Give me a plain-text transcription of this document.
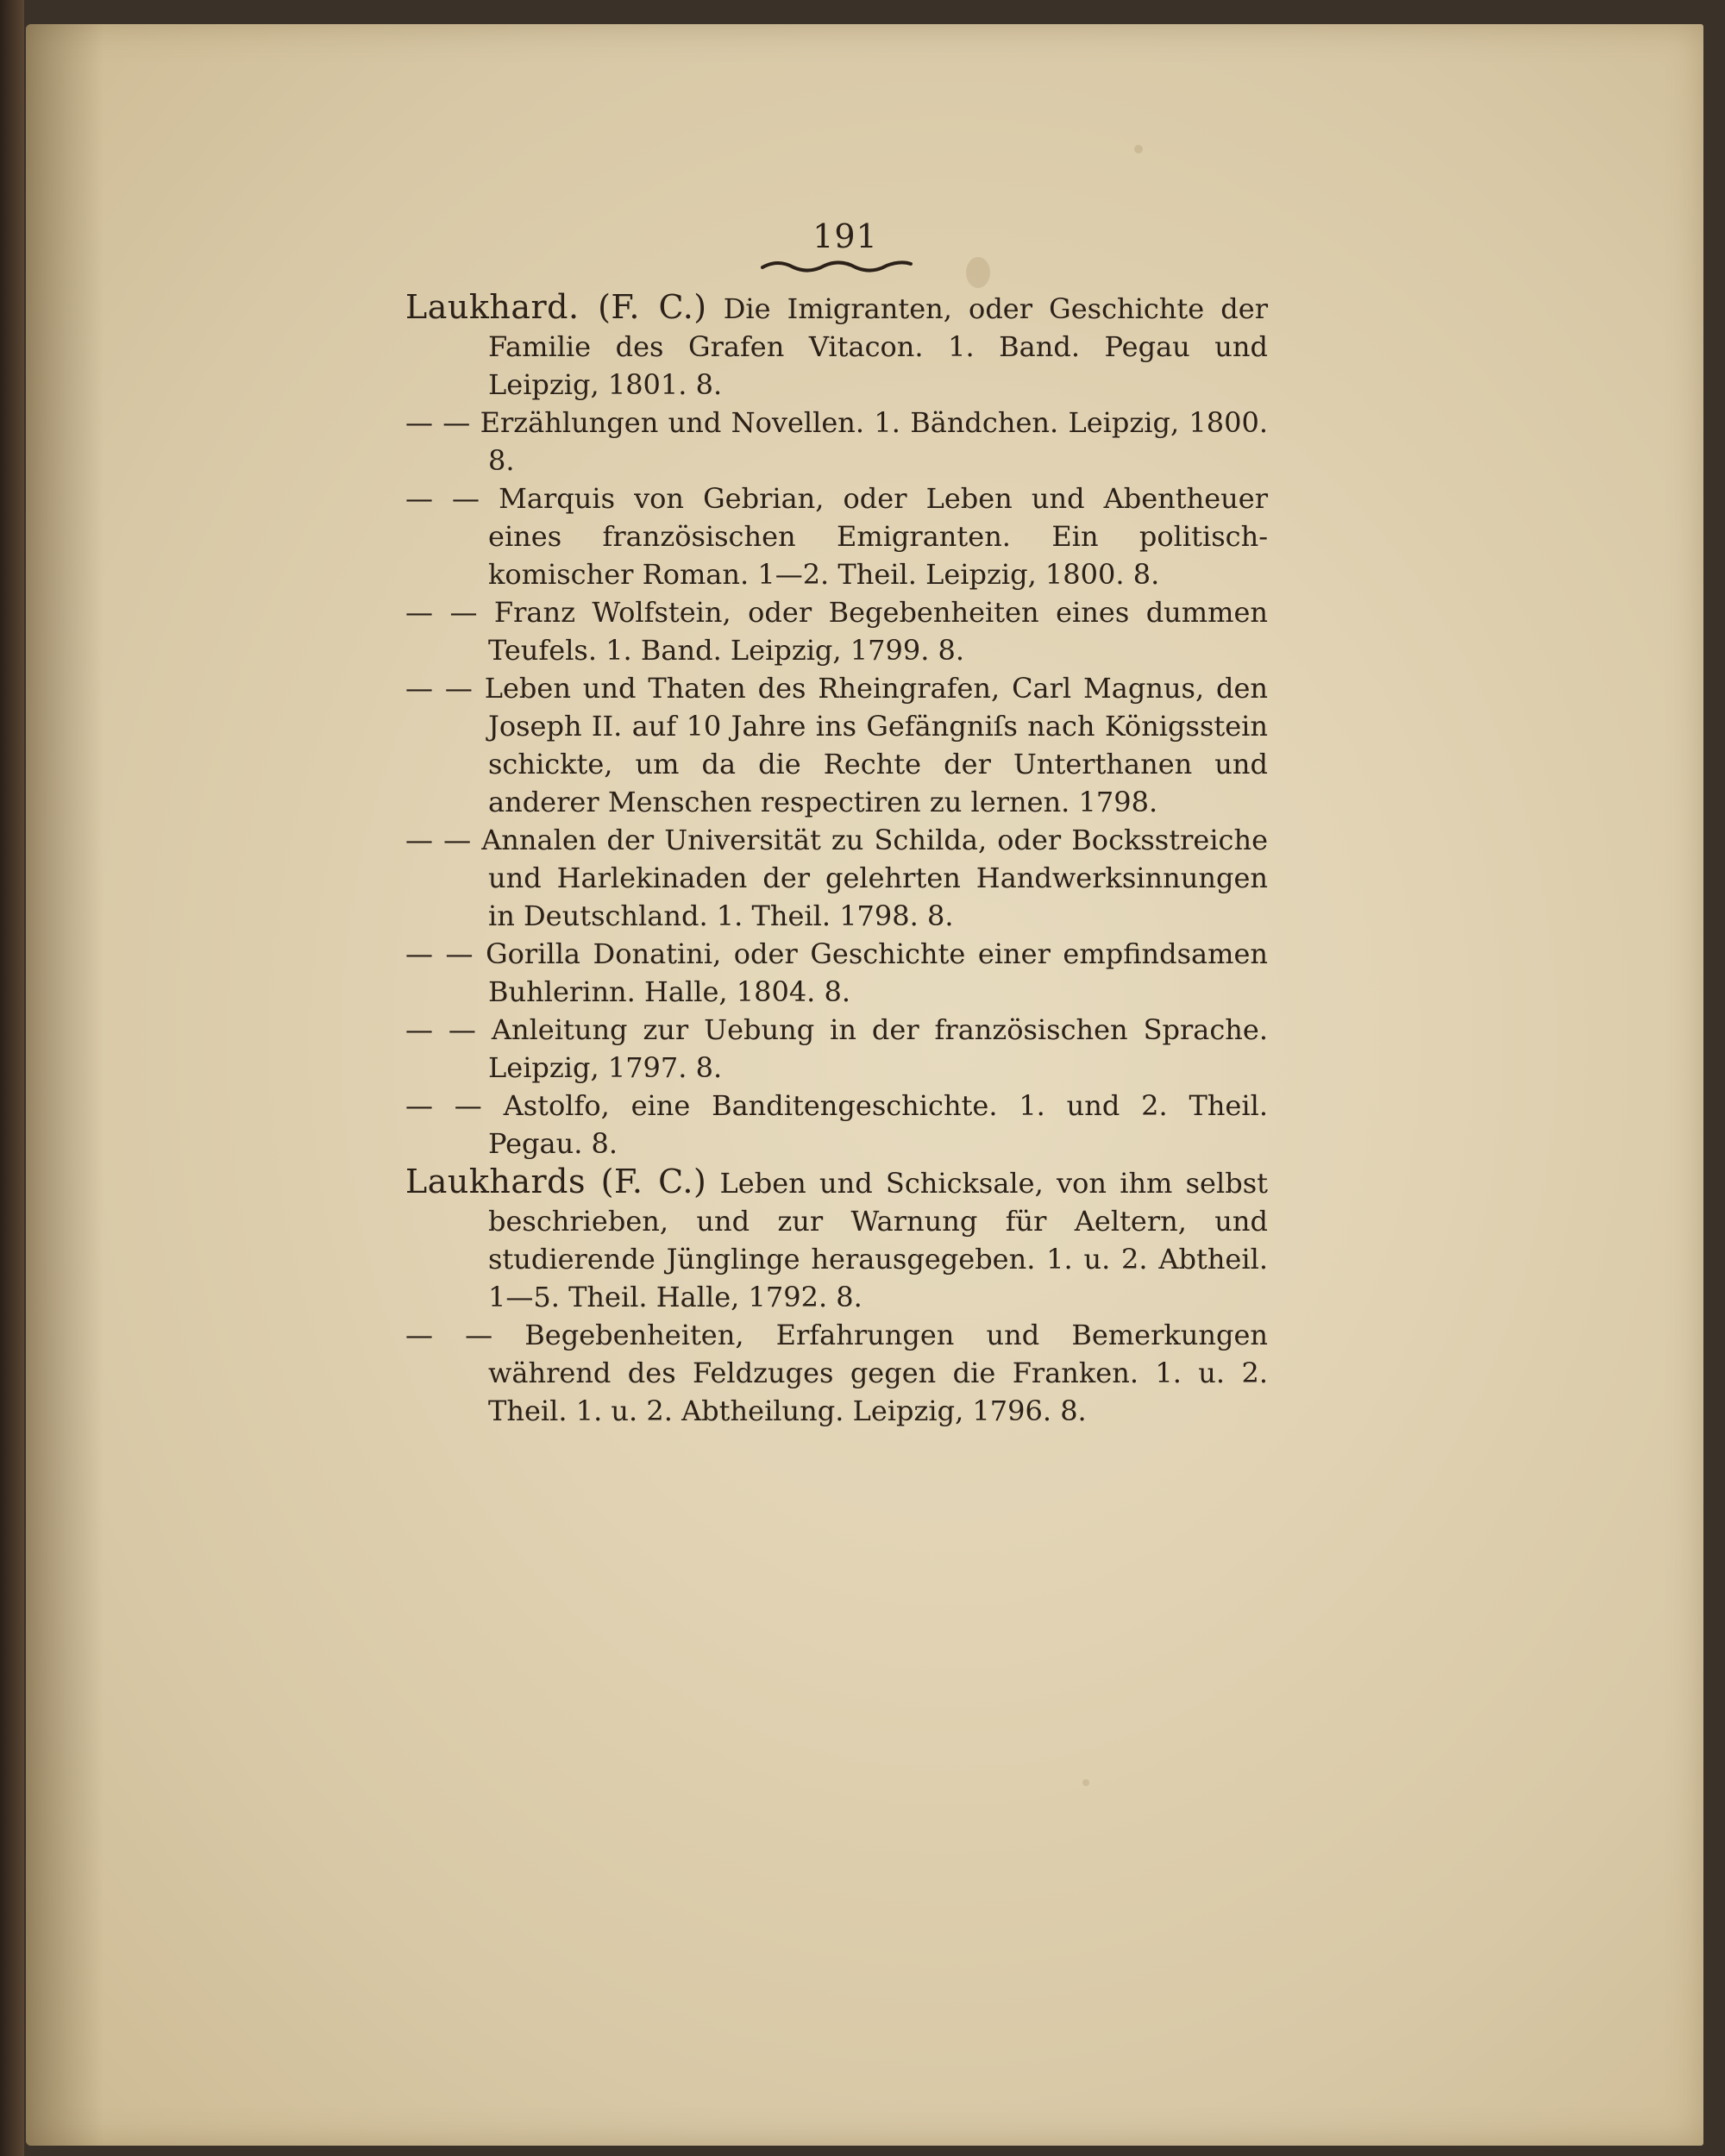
191
Laukhard. (F. C.) Die Imigranten, oder Geschichte der Familie des Grafen Vitacon. 1. Band. Pegau und Leipzig, 1801. 8.
— — Erzählungen und Novellen. 1. Bändchen. Leipzig, 1800. 8.
— — Marquis von Gebrian, oder Leben und Abentheuer eines französischen Emigranten. Ein politisch-komischer Roman. 1—2. Theil. Leipzig, 1800. 8.
— — Franz Wolfstein, oder Begebenheiten eines dummen Teufels. 1. Band. Leipzig, 1799. 8.
— — Leben und Thaten des Rheingrafen, Carl Magnus, den Joseph II. auf 10 Jahre ins Gefängniſs nach Königsstein schickte, um da die Rechte der Unterthanen und anderer Menschen respectiren zu lernen. 1798.
— — Annalen der Universität zu Schilda, oder Bocksstreiche und Harlekinaden der gelehrten Handwerksinnungen in Deutschland. 1. Theil. 1798. 8.
— — Gorilla Donatini, oder Geschichte einer empfindsamen Buhlerinn. Halle, 1804. 8.
— — Anleitung zur Uebung in der französischen Sprache. Leipzig, 1797. 8.
— — Astolfo, eine Banditengeschichte. 1. und 2. Theil. Pegau. 8.
Laukhards (F. C.) Leben und Schicksale, von ihm selbst beschrieben, und zur Warnung für Aeltern, und studierende Jünglinge herausgegeben. 1. u. 2. Abtheil. 1—5. Theil. Halle, 1792. 8.
— — Begebenheiten, Erfahrungen und Bemerkungen während des Feldzuges gegen die Franken. 1. u. 2. Theil. 1. u. 2. Abtheilung. Leipzig, 1796. 8.
